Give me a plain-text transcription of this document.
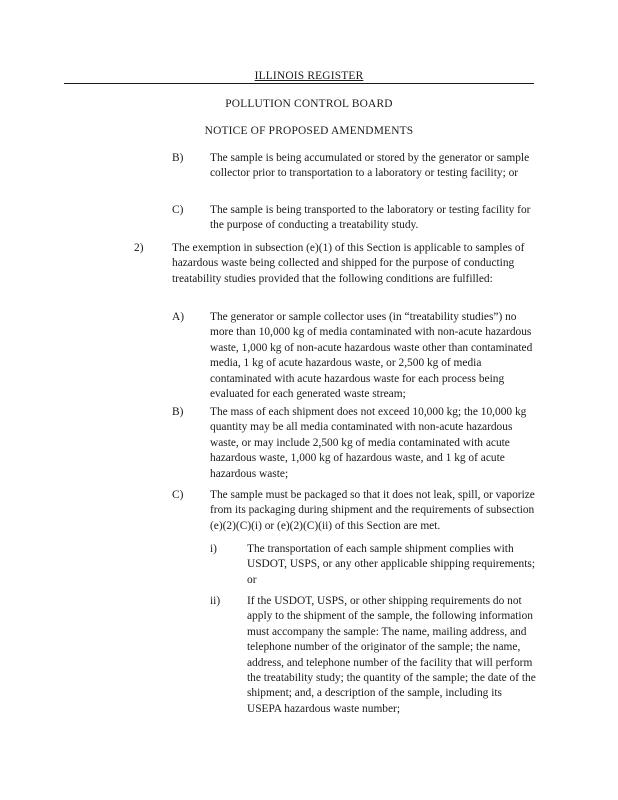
ILLINOIS REGISTER
POLLUTION CONTROL BOARD
NOTICE OF PROPOSED AMENDMENTS
B) The sample is being accumulated or stored by the generator or sample collector prior to transportation to a laboratory or testing facility; or
C) The sample is being transported to the laboratory or testing facility for the purpose of conducting a treatability study.
2)	The exemption in subsection (e)(1) of this Section is applicable to samples of hazardous waste being collected and shipped for the purpose of conducting treatability studies provided that the following conditions are fulfilled:
A) The generator or sample collector uses (in “treatability studies”) no more than 10,000 kg of media contaminated with non-acute hazardous waste, 1,000 kg of non-acute hazardous waste other than contaminated media, 1 kg of acute hazardous waste, or 2,500 kg of media contaminated with acute hazardous waste for each process being evaluated for each generated waste stream;
B) The mass of each shipment does not exceed 10,000 kg; the 10,000 kg quantity may be all media contaminated with non-acute hazardous waste, or may include 2,500 kg of media contaminated with acute hazardous waste, 1,000 kg of hazardous waste, and 1 kg of acute hazardous waste;
C) The sample must be packaged so that it does not leak, spill, or vaporize from its packaging during shipment and the requirements of subsection (e)(2)(C)(i) or (e)(2)(C)(ii) of this Section are met.
i)	The transportation of each sample shipment complies with USDOT, USPS, or any other applicable shipping requirements; or
ii) If the USDOT, USPS, or other shipping requirements do not apply to the shipment of the sample, the following information must accompany the sample: The name, mailing address, and telephone number of the originator of the sample; the name, address, and telephone number of the facility that will perform the treatability study; the quantity of the sample; the date of the shipment; and, a description of the sample, including its USEPA hazardous waste number;
